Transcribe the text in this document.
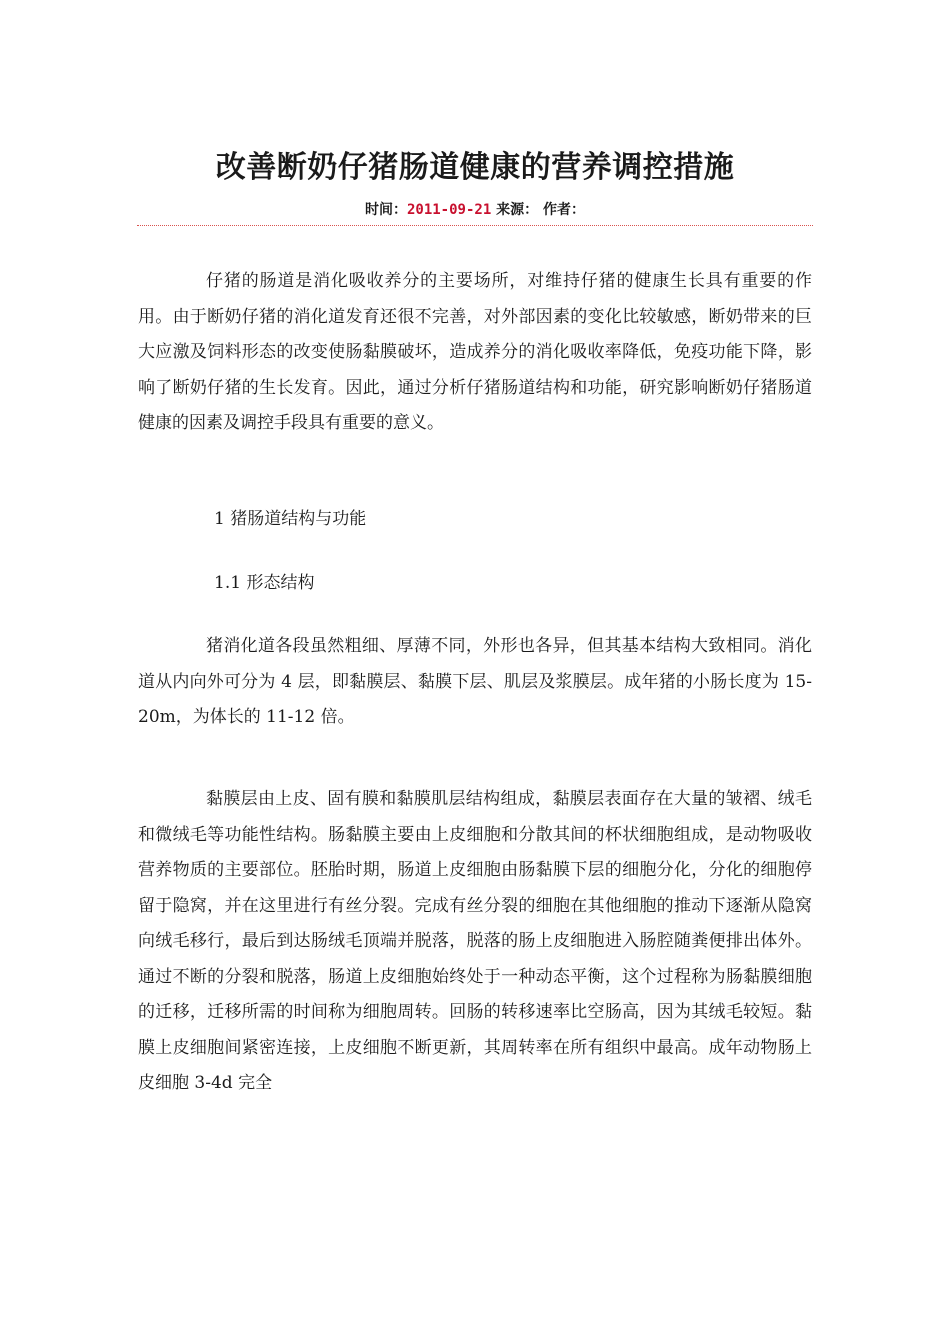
改善断奶仔猪肠道健康的营养调控措施
时间：2011-09-21 来源： 作者：

仔猪的肠道是消化吸收养分的主要场所，对维持仔猪的健康生长具有重要的作用。由于断奶仔猪的消化道发育还很不完善，对外部因素的变化比较敏感，断奶带来的巨大应激及饲料形态的改变使肠黏膜破坏，造成养分的消化吸收率降低，免疫功能下降，影响了断奶仔猪的生长发育。因此，通过分析仔猪肠道结构和功能，研究影响断奶仔猪肠道健康的因素及调控手段具有重要的意义。

1 猪肠道结构与功能

1.1 形态结构

猪消化道各段虽然粗细、厚薄不同，外形也各异，但其基本结构大致相同。消化道从内向外可分为 4 层，即黏膜层、黏膜下层、肌层及浆膜层。成年猪的小肠长度为 15-20m，为体长的 11-12 倍。

黏膜层由上皮、固有膜和黏膜肌层结构组成，黏膜层表面存在大量的皱褶、绒毛和微绒毛等功能性结构。肠黏膜主要由上皮细胞和分散其间的杯状细胞组成，是动物吸收营养物质的主要部位。胚胎时期，肠道上皮细胞由肠黏膜下层的细胞分化，分化的细胞停留于隐窝，并在这里进行有丝分裂。完成有丝分裂的细胞在其他细胞的推动下逐渐从隐窝向绒毛移行，最后到达肠绒毛顶端并脱落，脱落的肠上皮细胞进入肠腔随粪便排出体外。通过不断的分裂和脱落，肠道上皮细胞始终处于一种动态平衡，这个过程称为肠黏膜细胞的迁移，迁移所需的时间称为细胞周转。回肠的转移速率比空肠高，因为其绒毛较短。黏膜上皮细胞间紧密连接，上皮细胞不断更新，其周转率在所有组织中最高。成年动物肠上皮细胞 3-4d 完全
